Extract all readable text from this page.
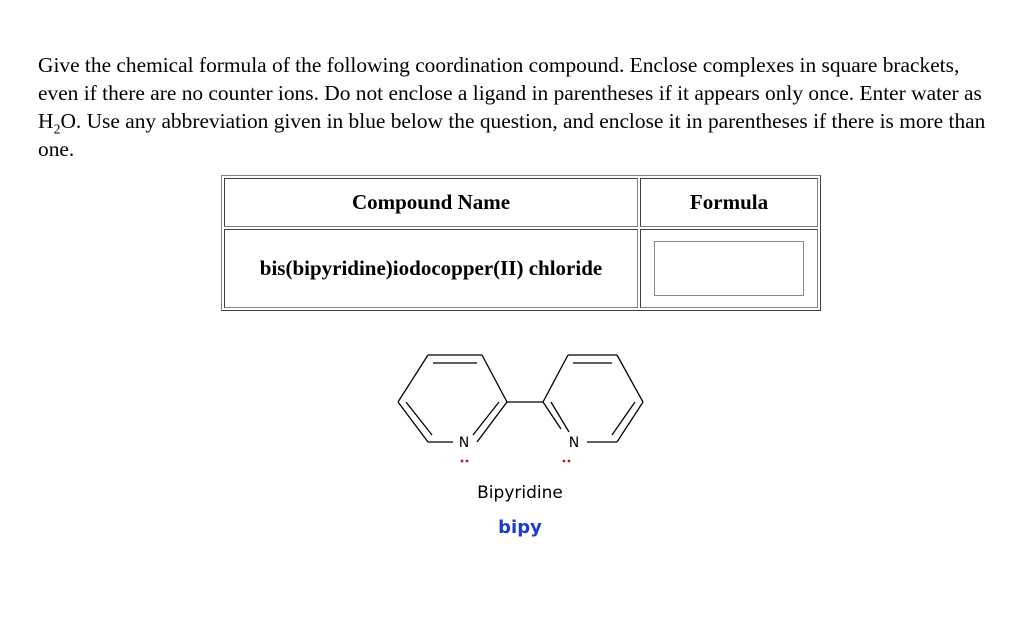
Give the chemical formula of the following coordination compound. Enclose complexes in square brackets, even if there are no counter ions. Do not enclose a ligand in parentheses if it appears only once. Enter water as $H_2O$. Use any abbreviation given in blue below the question, and enclose it in parentheses if there is more than one.

Compound Name	Formula
bis(bipyridine)iodocopper(II) chloride	
N	N
Bipyridine
bipy
